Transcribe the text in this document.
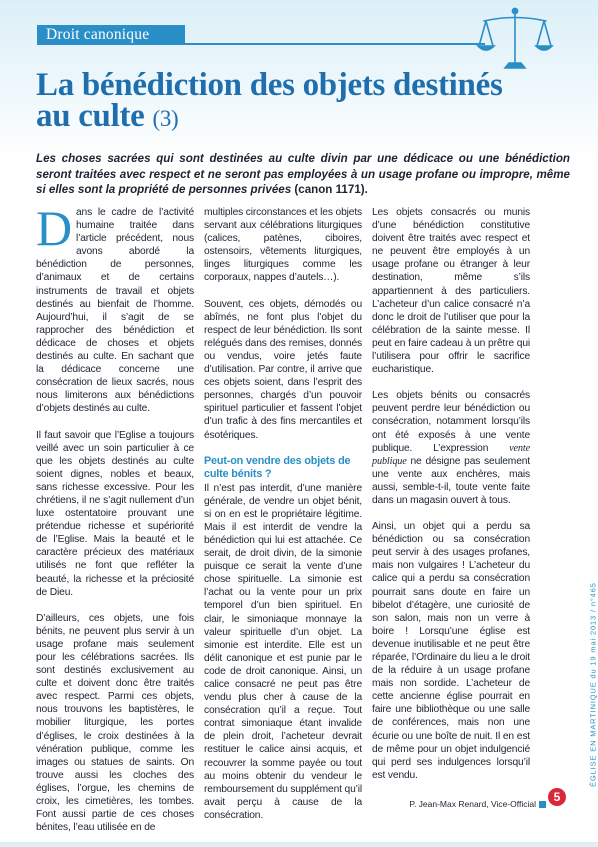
Droit canonique
La bénédiction des objets destinés au culte (3)

Les choses sacrées qui sont destinées au culte divin par une dédicace ou une bénédiction seront traitées avec respect et ne seront pas employées à un usage profane ou impropre, même si elles sont la propriété de personnes privées (canon 1171).

Dans le cadre de l’activité humaine traitée dans l’article précédent, nous avons abordé la bénédiction de personnes, d’animaux et de certains instruments de travail et objets destinés au bienfait de l’homme. Aujourd’hui, il s’agit de se rapprocher des bénédiction et dédicace de choses et objets destinés au culte. En sachant que la dédicace concerne une consécration de lieux sacrés, nous nous limiterons aux bénédictions d’objets destinés au culte.

Il faut savoir que l’Eglise a toujours veillé avec un soin particulier à ce que les objets destinés au culte soient dignes, nobles et beaux, sans richesse excessive. Pour les chrétiens, il ne s’agit nullement d’un luxe ostentatoire prouvant une prétendue richesse et supériorité de l’Eglise. Mais la beauté et le caractère précieux des matériaux utilisés ne font que refléter la beauté, la richesse et la préciosité de Dieu.

D’ailleurs, ces objets, une fois bénits, ne peuvent plus servir à un usage profane mais seulement pour les célébrations sacrées. Ils sont destinés exclusivement au culte et doivent donc être traités avec respect. Parmi ces objets, nous trouvons les baptistères, le mobilier liturgique, les portes d’églises, le croix destinées à la vénération publique, comme les images ou statues de saints. On trouve aussi les cloches des églises, l’orgue, les chemins de croix, les cimetières, les tombes. Font aussi partie de ces choses bénites, l’eau utilisée en de

multiples circonstances et les objets servant aux célébrations liturgiques (calices, patènes, ciboires, ostensoirs, vêtements liturgiques, linges liturgiques comme les corporaux, nappes d’autels…).

Souvent, ces objets, démodés ou abîmés, ne font plus l’objet du respect de leur bénédiction. Ils sont relégués dans des remises, donnés ou vendus, voire jetés faute d’utilisation. Par contre, il arrive que ces objets soient, dans l’esprit des personnes, chargés d’un pouvoir spirituel particulier et fassent l’objet d’un trafic à des fins mercantiles et ésotériques.

Peut-on vendre des objets de culte bénits ?

Il n’est pas interdit, d’une manière générale, de vendre un objet bénit, si on en est le propriétaire légitime. Mais il est interdit de vendre la bénédiction qui lui est attachée. Ce serait, de droit divin, de la simonie puisque ce serait la vente d’une chose spirituelle. La simonie est l’achat ou la vente pour un prix temporel d’un bien spirituel. En clair, le simoniaque monnaye la valeur spirituelle d’un objet. La simonie est interdite. Elle est un délit canonique et est punie par le code de droit canonique. Ainsi, un calice consacré ne peut pas être vendu plus cher à cause de la consécration qu’il a reçue. Tout contrat simoniaque étant invalide de plein droit, l’acheteur devrait restituer le calice ainsi acquis, et recouvrer la somme payée ou tout au moins obtenir du vendeur le remboursement du supplément qu’il avait perçu à cause de la consécration.

Les objets consacrés ou munis d’une bénédiction constitutive doivent être traités avec respect et ne peuvent être employés à un usage profane ou étranger à leur destination, même s’ils appartiennent à des particuliers. L’acheteur d’un calice consacré n’a donc le droit de l’utiliser que pour la célébration de la sainte messe. Il peut en faire cadeau à un prêtre qui l’utilisera pour offrir le sacrifice eucharistique.

Les objets bénits ou consacrés peuvent perdre leur bénédiction ou consécration, notamment lorsqu’ils ont été exposés à une vente publique. L’expression vente publique ne désigne pas seulement une vente aux enchères, mais aussi, semble-t-il, toute vente faite dans un magasin ouvert à tous.

Ainsi, un objet qui a perdu sa bénédiction ou sa consécration peut servir à des usages profanes, mais non vulgaires ! L’acheteur du calice qui a perdu sa consécration pourrait sans doute en faire un bibelot d’étagère, une curiosité de son salon, mais non un verre à boire ! Lorsqu’une église est devenue inutilisable et ne peut être réparée, l’Ordinaire du lieu a le droit de la réduire à un usage profane mais non sordide. L’acheteur de cette ancienne église pourrait en faire une bibliothèque ou une salle de conférences, mais non une écurie ou une boîte de nuit. Il en est de même pour un objet indulgencié qui perd ses indulgences lorsqu’il est vendu.

P. Jean-Max Renard, Vice-Official
ÉGLISE EN MARTINIQUE du 19 mai 2013 / n°465
5
